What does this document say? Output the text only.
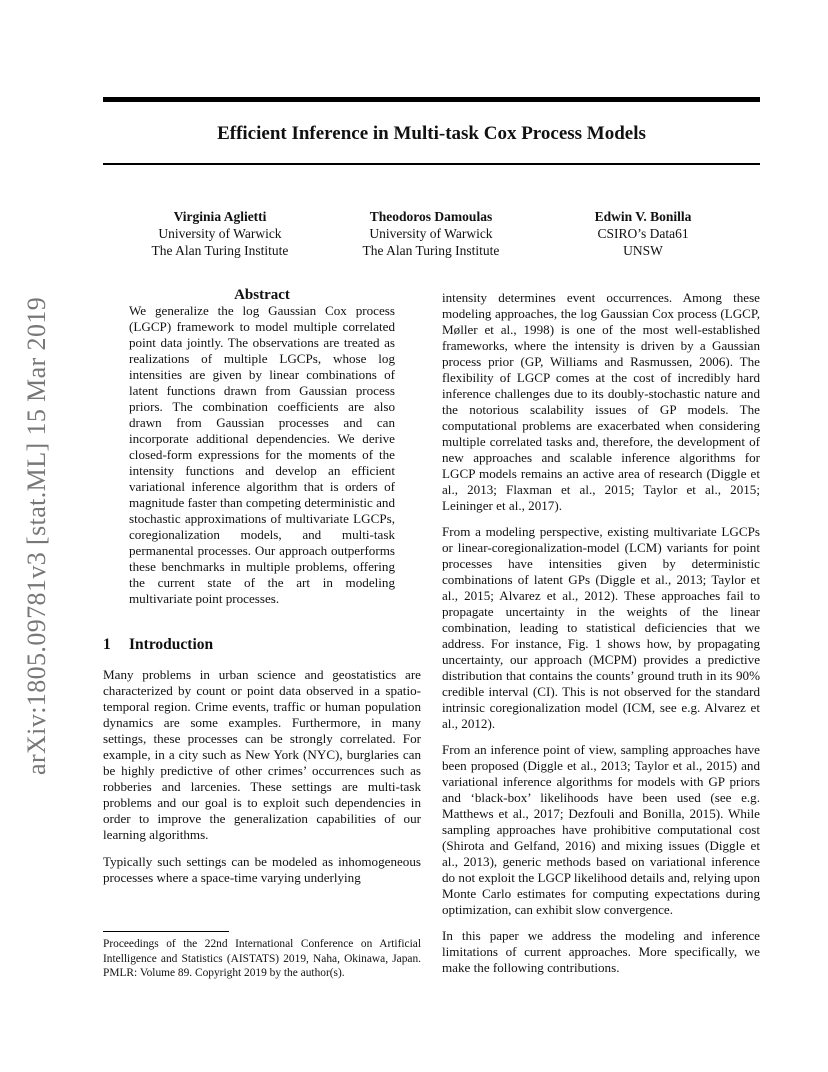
Efficient Inference in Multi-task Cox Process Models
Virginia Aglietti
University of Warwick
The Alan Turing Institute
Theodoros Damoulas
University of Warwick
The Alan Turing Institute
Edwin V. Bonilla
CSIRO’s Data61
UNSW
arXiv:1805.09781v3 [stat.ML] 15 Mar 2019

Abstract

We generalize the log Gaussian Cox process (LGCP) framework to model multiple correlated point data jointly. The observations are treated as realizations of multiple LGCPs, whose log intensities are given by linear combinations of latent functions drawn from Gaussian process priors. The combination coefficients are also drawn from Gaussian processes and can incorporate additional dependencies. We derive closed-form expressions for the moments of the intensity functions and develop an efficient variational inference algorithm that is orders of magnitude faster than competing deterministic and stochastic approximations of multivariate LGCPs, coregionalization models, and multi-task permanental processes. Our approach outperforms these benchmarks in multiple problems, offering the current state of the art in modeling multivariate point processes.

1 Introduction

Many problems in urban science and geostatistics are characterized by count or point data observed in a spatio-temporal region. Crime events, traffic or human population dynamics are some examples. Furthermore, in many settings, these processes can be strongly correlated. For example, in a city such as New York (NYC), burglaries can be highly predictive of other crimes’ occurrences such as robberies and larcenies. These settings are multi-task problems and our goal is to exploit such dependencies in order to improve the generalization capabilities of our learning algorithms.

Typically such settings can be modeled as inhomogeneous processes where a space-time varying underlying

Proceedings of the 22nd International Conference on Artificial Intelligence and Statistics (AISTATS) 2019, Naha, Okinawa, Japan. PMLR: Volume 89. Copyright 2019 by the author(s).

intensity determines event occurrences. Among these modeling approaches, the log Gaussian Cox process (LGCP, Møller et al., 1998) is one of the most well-established frameworks, where the intensity is driven by a Gaussian process prior (GP, Williams and Rasmussen, 2006). The flexibility of LGCP comes at the cost of incredibly hard inference challenges due to its doubly-stochastic nature and the notorious scalability issues of GP models. The computational problems are exacerbated when considering multiple correlated tasks and, therefore, the development of new approaches and scalable inference algorithms for LGCP models remains an active area of research (Diggle et al., 2013; Flaxman et al., 2015; Taylor et al., 2015; Leininger et al., 2017).

From a modeling perspective, existing multivariate LGCPs or linear-coregionalization-model (LCM) variants for point processes have intensities given by deterministic combinations of latent GPs (Diggle et al., 2013; Taylor et al., 2015; Alvarez et al., 2012). These approaches fail to propagate uncertainty in the weights of the linear combination, leading to statistical deficiencies that we address. For instance, Fig. 1 shows how, by propagating uncertainty, our approach (MCPM) provides a predictive distribution that contains the counts’ ground truth in its 90% credible interval (CI). This is not observed for the standard intrinsic coregionalization model (ICM, see e.g. Alvarez et al., 2012).

From an inference point of view, sampling approaches have been proposed (Diggle et al., 2013; Taylor et al., 2015) and variational inference algorithms for models with GP priors and ‘black-box’ likelihoods have been used (see e.g. Matthews et al., 2017; Dezfouli and Bonilla, 2015). While sampling approaches have prohibitive computational cost (Shirota and Gelfand, 2016) and mixing issues (Diggle et al., 2013), generic methods based on variational inference do not exploit the LGCP likelihood details and, relying upon Monte Carlo estimates for computing expectations during optimization, can exhibit slow convergence.

In this paper we address the modeling and inference limitations of current approaches. More specifically, we make the following contributions.
